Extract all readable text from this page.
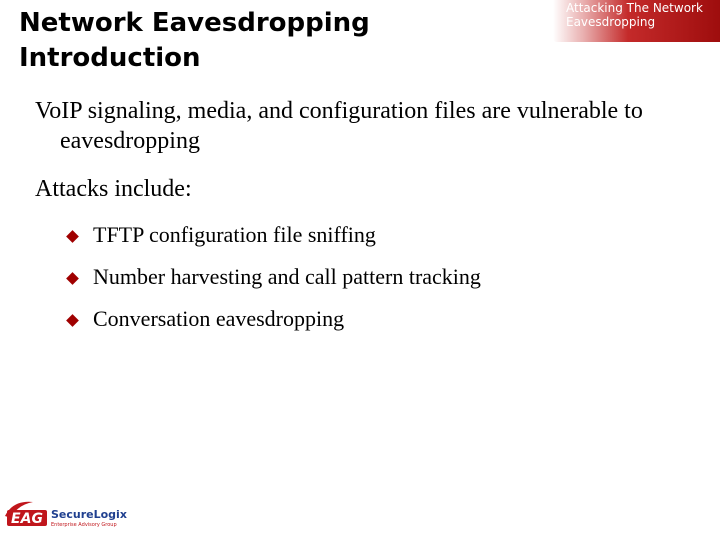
Network Eavesdropping
Introduction
Attacking The Network
Eavesdropping

VoIP signaling, media, and configuration files are vulnerable to eavesdropping

Attacks include:

TFTP configuration file sniffing
Number harvesting and call pattern tracking
Conversation eavesdropping
EAG SecureLogix
Enterprise Advisory Group
